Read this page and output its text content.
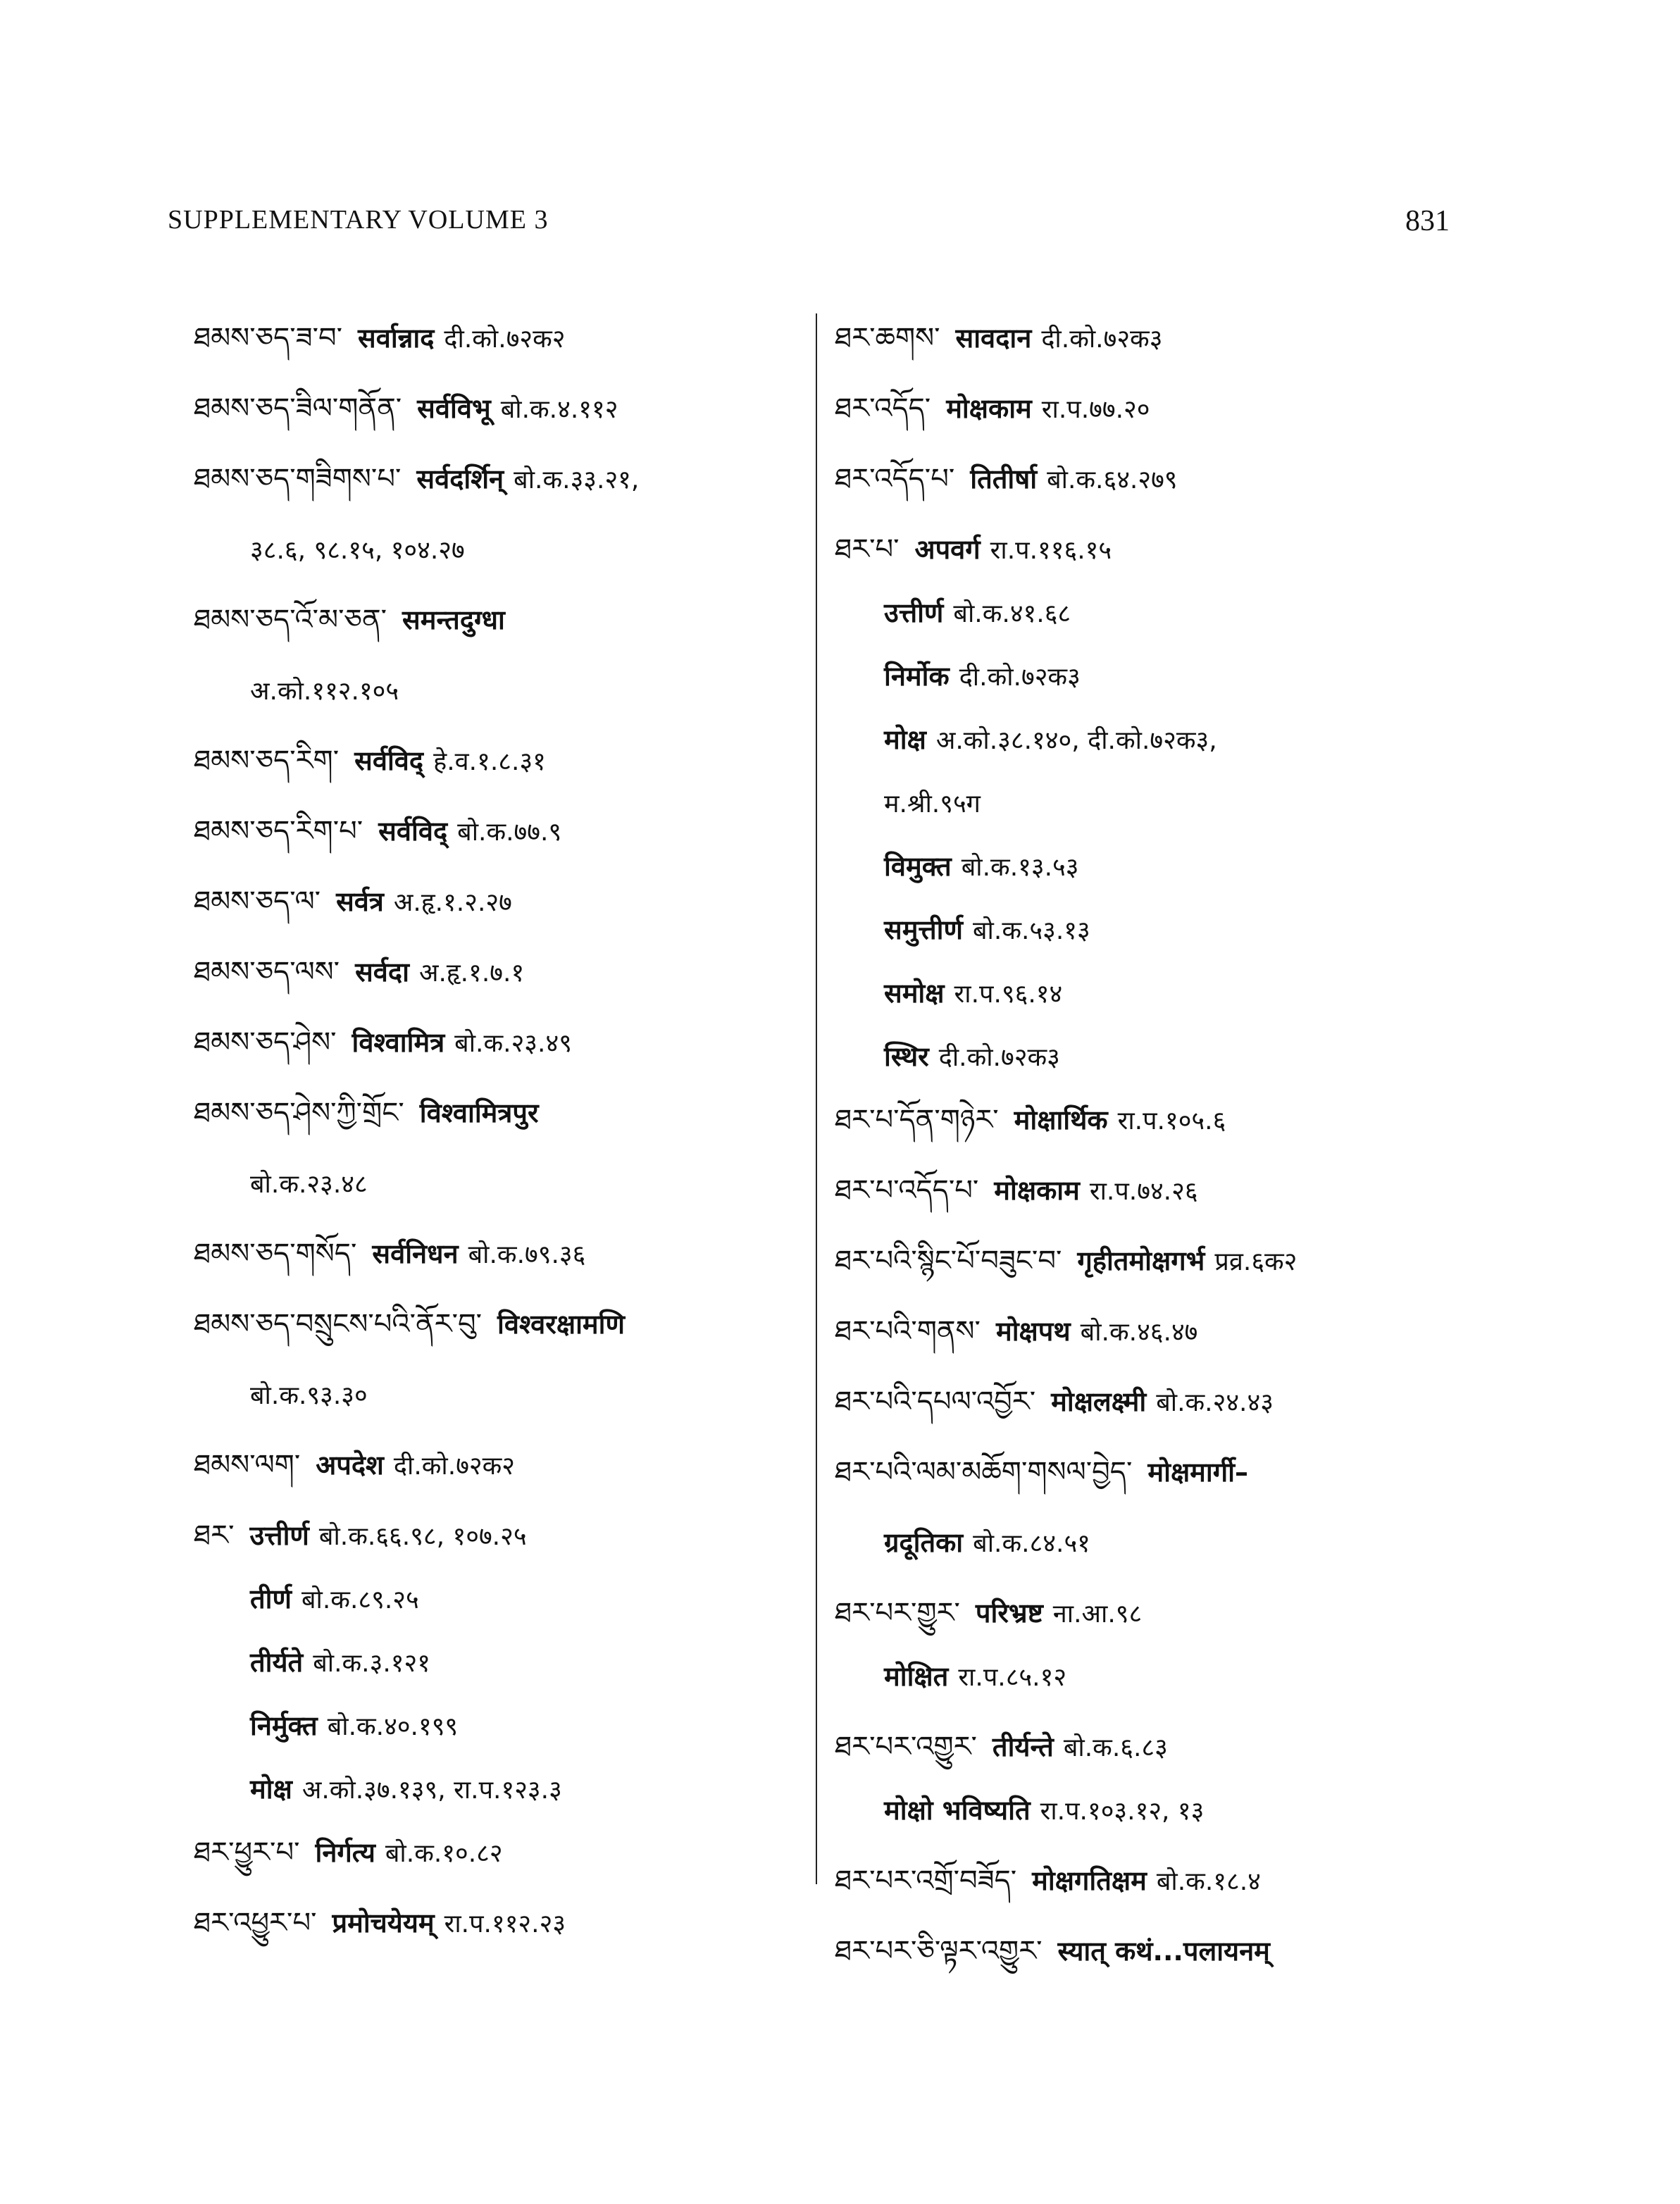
SUPPLEMENTARY VOLUME 3	831
ཐམས་ཅད་ཟ་བ་ सर्वान्नाद दी.को.७२क२
ཐམས་ཅད་ཟིལ་གནོན་ सर्वविभू बो.क.४.११२
ཐམས་ཅད་གཟིགས་པ་ सर्वदर्शिन् बो.क.३३.२१,
३८.६, ९८.१५, १०४.२७
ཐམས་ཅད་འོ་མ་ཅན་ समन्तदुग्धा
अ.को.११२.१०५
ཐམས་ཅད་རིག་ सर्वविद् हे.व.१.८.३१
ཐམས་ཅད་རིག་པ་ सर्वविद् बो.क.७७.९
ཐམས་ཅད་ལ་ सर्वत्र अ.हृ.१.२.२७
ཐམས་ཅད་ལས་ सर्वदा अ.हृ.१.७.१
ཐམས་ཅད་ཤེས་ विश्वामित्र बो.क.२३.४९
ཐམས་ཅད་ཤེས་ཀྱི་གྲོང་ विश्वामित्रपुर
बो.क.२३.४८
ཐམས་ཅད་གསོད་ सर्वनिधन बो.क.७९.३६
ཐམས་ཅད་བསྲུངས་པའི་ནོར་བུ་ विश्वरक्षामणि
बो.क.९३.३०
ཐམས་ལག་ अपदेश दी.को.७२क२
ཐར་ उत्तीर्ण बो.क.६६.९८, १०७.२५
तीर्ण बो.क.८९.२५
तीर्यते बो.क.३.१२१
निर्मुक्त बो.क.४०.१९९
मोक्ष अ.को.३७.१३९, रा.प.१२३.३
ཐར་ཕྱུར་པ་ निर्गत्य बो.क.१०.८२
ཐར་འཕྱུར་པ་ प्रमोचयेयम् रा.प.११२.२३
ཐར་ཆགས་ सावदान दी.को.७२क३
ཐར་འདོད་ मोक्षकाम रा.प.७७.२०
ཐར་འདོད་པ་ तितीर्षा बो.क.६४.२७९
ཐར་པ་ अपवर्ग रा.प.११६.१५
उत्तीर्ण बो.क.४१.६८
निर्मोक दी.को.७२क३
मोक्ष अ.को.३८.१४०, दी.को.७२क३,
म.श्री.९५ग
विमुक्त बो.क.१३.५३
समुत्तीर्ण बो.क.५३.१३
समोक्ष रा.प.९६.१४
स्थिर दी.को.७२क३
ཐར་པ་དོན་གཉེར་ मोक्षार्थिक रा.प.१०५.६
ཐར་པ་འདོད་པ་ मोक्षकाम रा.प.७४.२६
ཐར་པའི་སྙིང་པོ་བཟུང་བ་ गृहीतमोक्षगर्भ प्रव्र.६क२
ཐར་པའི་གནས་ मोक्षपथ बो.क.४६.४७
ཐར་པའི་དཔལ་འབྱོར་ मोक्षलक्ष्मी बो.क.२४.४३
ཐར་པའི་ལམ་མཆོག་གསལ་བྱེད་ मोक्षमार्गी–
ग्रदूतिका बो.क.८४.५१
ཐར་པར་གྱུར་ परिभ्रष्ट ना.आ.९८
मोक्षित रा.प.८५.१२
ཐར་པར་འགྱུར་ तीर्यन्ते बो.क.६.८३
मोक्षो भविष्यति रा.प.१०३.१२, १३
ཐར་པར་འགྲོ་བཟོད་ मोक्षगतिक्षम बो.क.१८.४
ཐར་པར་ཅི་ལྟར་འགྱུར་ स्यात् कथं...पलायनम्
